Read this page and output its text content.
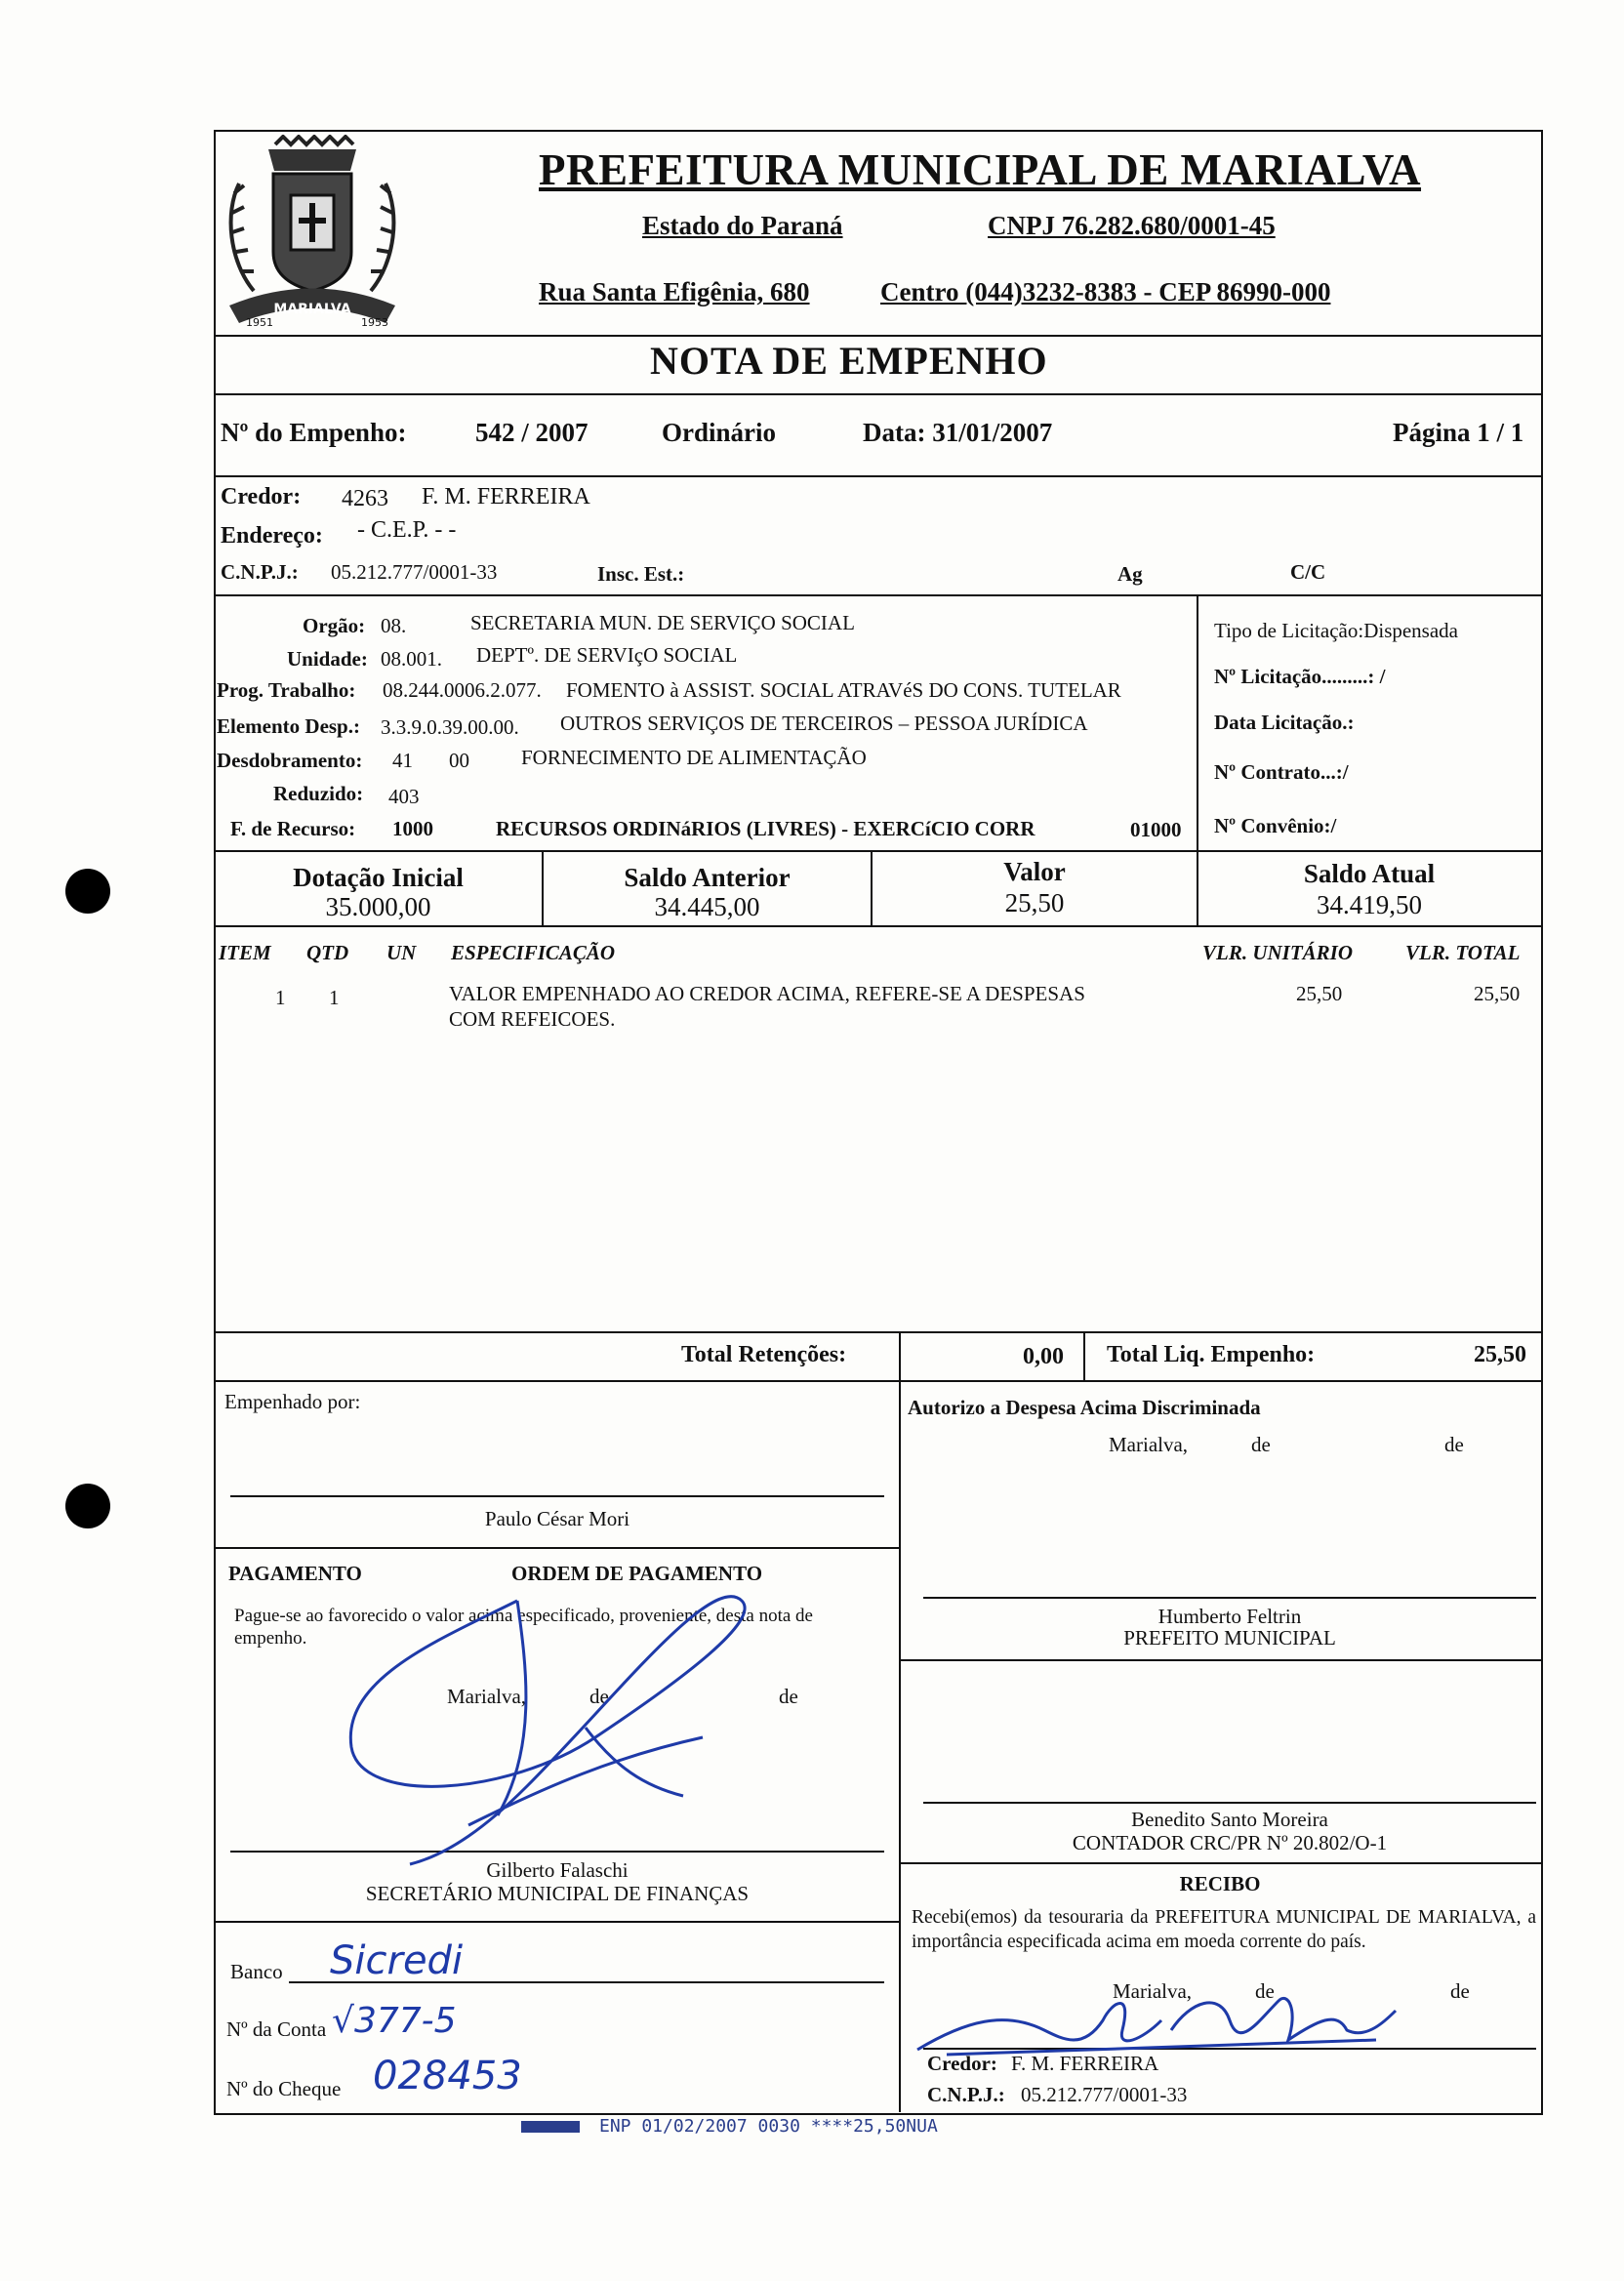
MARIALVA
1951	1953
PREFEITURA MUNICIPAL DE MARIALVA
Estado do Paraná	CNPJ 76.282.680/0001-45
Rua Santa Efigênia, 680	Centro (044)3232-8383 - CEP 86990-000
NOTA DE EMPENHO
Nº do Empenho:	542 / 2007	Ordinário	Data: 31/01/2007	Página 1 / 1
Credor: 4263 F. M. FERREIRA
Endereço: - C.E.P. - -
C.N.P.J.: 05.212.777/0001-33	Insc. Est.:	Ag	C/C
Orgão: 08.	SECRETARIA MUN. DE SERVIÇO SOCIAL
Unidade: 08.001. DEPTº. DE SERVIçO SOCIAL
Prog. Trabalho: 08.244.0006.2.077. FOMENTO à ASSIST. SOCIAL ATRAVéS DO CONS. TUTELAR
Elemento Desp.: 3.3.9.0.39.00.00. OUTROS SERVIÇOS DE TERCEIROS – PESSOA JURÍDICA
Desdobramento: 41 00	FORNECIMENTO DE ALIMENTAÇÃO
Reduzido: 403
F. de Recurso: 1000	RECURSOS ORDINáRIOS (LIVRES) - EXERCíCIO CORR	01000
Tipo de Licitação:Dispensada
Nº Licitação.........: /
Data Licitação.:
Nº Contrato...:/
Nº Convênio:/
Dotação Inicial
35.000,00
Saldo Anterior
34.445,00
Valor
25,50
Saldo Atual
34.419,50
ITEM QTD UN ESPECIFICAÇÃO	VLR. UNITÁRIO	VLR. TOTAL
1 1	VALOR EMPENHADO AO CREDOR ACIMA, REFERE-SE A DESPESAS
COM REFEICOES.
25,50	25,50
Total Retenções:	0,00 Total Liq. Empenho:	25,50
Empenhado por:
Paulo César Mori
PAGAMENTO	ORDEM DE PAGAMENTO
Pague-se ao favorecido o valor acima especificado, proveniente, desta nota de empenho.
Marialva,	de	de
Gilberto Falaschi
SECRETÁRIO MUNICIPAL DE FINANÇAS
Banco Sicredi
Nº da Conta √377-5
Nº do Cheque 028453
Autorizo a Despesa Acima Discriminada
Marialva,	de	de
Humberto Feltrin
PREFEITO MUNICIPAL
Benedito Santo Moreira
CONTADOR CRC/PR Nº 20.802/O-1
RECIBO
Recebi(emos) da tesouraria da PREFEITURA MUNICIPAL DE MARIALVA, a importância especificada acima em moeda corrente do país.
Marialva,	de	de
Credor: F. M. FERREIRA
C.N.P.J.: 05.212.777/0001-33
ENP 01/02/2007 0030 ****25,50NUA
